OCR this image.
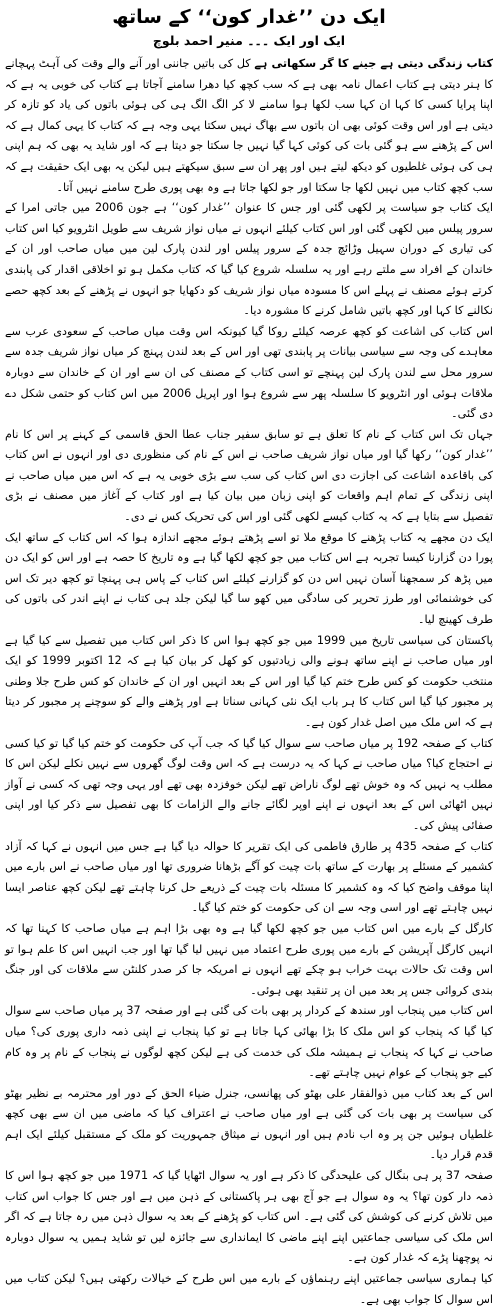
ایک دن ’’غدار کون‘‘ کے ساتھ
ایک اور ایک ۔۔۔ منیر احمد بلوچ

کتاب زندگی دیتی ہے جینے کا گر سکھاتی ہے کل کی باتیں جاننی اور آنے والے وقت کی آہٹ پہچانے کا ہنر دیتی ہے کتاب اعمال نامہ بھی ہے کہ سب کچھ کیا دھرا سامنے آجاتا ہے کتاب کی خوبی یہ ہے کہ اپنا پرایا کسی کا کہا ان کہا سب لکھا ہوا سامنے لا کر الگ الگ ہی کی ہوئی باتوں کی یاد کو تازہ کر دیتی ہے اور اس وقت کوئی بھی ان باتوں سے بھاگ نہیں سکتا یہی وجہ ہے کہ کتاب کا یہی کمال ہے کہ اس کے پڑھنے سے ہو گئی بات کی کوئی کہا گیا نہیں جا سکتا جو دیتا ہے کہ اور شاید یہ بھی کہ ہم اپنی ہی کی ہوئی غلطیوں کو دیکھ لیتے ہیں اور پھر ان سے سبق سیکھتے ہیں لیکن یہ بھی ایک حقیقت ہے کہ سب کچھ کتاب میں نہیں لکھا جا سکتا اور جو لکھا جاتا ہے وہ بھی پوری طرح سامنے نہیں آتا۔

ایک کتاب جو سیاست پر لکھی گئی اور جس کا عنوان ’’غدار کون‘‘ ہے جون 2006 میں جاتی امرا کے سرور پیلس میں لکھی گئی اور اس کتاب کیلئے انہوں نے میاں نواز شریف سے طویل انٹرویو کیا اس کتاب کی تیاری کے دوران سہیل وڑائچ جدہ کے سرور پیلس اور لندن پارک لین میں میاں صاحب اور ان کے خاندان کے افراد سے ملتے رہے اور یہ سلسلہ شروع کیا گیا کہ کتاب مکمل ہو تو اخلاقی اقدار کی پابندی کرتے ہوئے مصنف نے پہلے اس کا مسودہ میاں نواز شریف کو دکھایا جو انہوں نے پڑھنے کے بعد کچھ حصے نکالنے کا کہا اور کچھ باتیں شامل کرنے کا مشورہ دیا۔

اس کتاب کی اشاعت کو کچھ عرصہ کیلئے روکا گیا کیونکہ اس وقت میاں صاحب کے سعودی عرب سے معاہدے کی وجہ سے سیاسی بیانات پر پابندی تھی اور اس کے بعد لندن پہنچ کر میاں نواز شریف جدہ سے سرور محل سے لندن پارک لین پہنچے تو اسی کتاب کے مصنف کی ان سے اور ان کے خاندان سے دوبارہ ملاقات ہوئی اور انٹرویو کا سلسلہ پھر سے شروع ہوا اور اپریل 2006 میں اس کتاب کو حتمی شکل دے دی گئی۔

جہاں تک اس کتاب کے نام کا تعلق ہے تو سابق سفیر جناب عطا الحق قاسمی کے کہنے پر اس کا نام ’’غدار کون‘‘ رکھا گیا اور میاں نواز شریف صاحب نے اس کے نام کی منظوری دی اور انہوں نے اس کتاب کی باقاعدہ اشاعت کی اجازت دی اس کتاب کی سب سے بڑی خوبی یہ ہے کہ اس میں میاں صاحب نے اپنی زندگی کے تمام اہم واقعات کو اپنی زبان میں بیان کیا ہے اور کتاب کے آغاز میں مصنف نے بڑی تفصیل سے بتایا ہے کہ یہ کتاب کیسے لکھی گئی اور اس کی تحریک کس نے دی۔

ایک دن مجھے یہ کتاب پڑھنے کا موقع ملا تو اسے پڑھتے ہوئے مجھے اندازہ ہوا کہ اس کتاب کے ساتھ ایک پورا دن گزارنا کیسا تجربہ ہے اس کتاب میں جو کچھ لکھا گیا ہے وہ تاریخ کا حصہ ہے اور اس کو ایک دن میں پڑھ کر سمجھنا آسان نہیں اس دن کو گزارنے کیلئے اس کتاب کے پاس ہی پہنچا تو کچھ دیر تک اس کی خوشنمائی اور طرز تحریر کی سادگی میں کھو سا گیا لیکن جلد ہی کتاب نے اپنے اندر کی باتوں کی طرف کھینچ لیا۔

پاکستان کی سیاسی تاریخ میں 1999 میں جو کچھ ہوا اس کا ذکر اس کتاب میں تفصیل سے کیا گیا ہے اور میاں صاحب نے اپنے ساتھ ہونے والی زیادتیوں کو کھل کر بیان کیا ہے کہ 12 اکتوبر 1999 کو ایک منتخب حکومت کو کس طرح ختم کیا گیا اور اس کے بعد انہیں اور ان کے خاندان کو کس طرح جلا وطنی پر مجبور کیا گیا اس کتاب کا ہر باب ایک نئی کہانی سناتا ہے اور پڑھنے والے کو سوچنے پر مجبور کر دیتا ہے کہ اس ملک میں اصل غدار کون ہے۔

کتاب کے صفحہ 192 پر میاں صاحب سے سوال کیا گیا کہ جب آپ کی حکومت کو ختم کیا گیا تو کیا کسی نے احتجاج کیا؟ میاں صاحب نے کہا کہ یہ درست ہے کہ اس وقت لوگ گھروں سے نہیں نکلے لیکن اس کا مطلب یہ نہیں کہ وہ خوش تھے لوگ ناراض تھے لیکن خوفزدہ بھی تھے اور یہی وجہ تھی کہ کسی نے آواز نہیں اٹھائی اس کے بعد انہوں نے اپنے اوپر لگائے جانے والے الزامات کا بھی تفصیل سے ذکر کیا اور اپنی صفائی پیش کی۔

کتاب کے صفحہ 435 پر طارق فاطمی کی ایک تقریر کا حوالہ دیا گیا ہے جس میں انہوں نے کہا کہ آزاد کشمیر کے مسئلے پر بھارت کے ساتھ بات چیت کو آگے بڑھانا ضروری تھا اور میاں صاحب نے اس بارے میں اپنا موقف واضح کیا کہ وہ کشمیر کا مسئلہ بات چیت کے ذریعے حل کرنا چاہتے تھے لیکن کچھ عناصر ایسا نہیں چاہتے تھے اور اسی وجہ سے ان کی حکومت کو ختم کیا گیا۔

کارگل کے بارے میں اس کتاب میں جو کچھ لکھا گیا ہے وہ بھی بڑا اہم ہے میاں صاحب کا کہنا تھا کہ انہیں کارگل آپریشن کے بارے میں پوری طرح اعتماد میں نہیں لیا گیا تھا اور جب انہیں اس کا علم ہوا تو اس وقت تک حالات بہت خراب ہو چکے تھے انہوں نے امریکہ جا کر صدر کلنٹن سے ملاقات کی اور جنگ بندی کروائی جس پر بعد میں ان پر تنقید بھی ہوئی۔

اس کتاب میں پنجاب اور سندھ کے کردار پر بھی بات کی گئی ہے اور صفحہ 37 پر میاں صاحب سے سوال کیا گیا کہ پنجاب کو اس ملک کا بڑا بھائی کہا جاتا ہے تو کیا پنجاب نے اپنی ذمہ داری پوری کی؟ میاں صاحب نے کہا کہ پنجاب نے ہمیشہ ملک کی خدمت کی ہے لیکن کچھ لوگوں نے پنجاب کے نام پر وہ کام کیے جو پنجاب کے عوام نہیں چاہتے تھے۔

اس کے بعد کتاب میں ذوالفقار علی بھٹو کی پھانسی، جنرل ضیاء الحق کے دور اور محترمہ بے نظیر بھٹو کی سیاست پر بھی بات کی گئی ہے اور میاں صاحب نے اعتراف کیا کہ ماضی میں ان سے بھی کچھ غلطیاں ہوئیں جن پر وہ اب نادم ہیں اور انہوں نے میثاق جمہوریت کو ملک کے مستقبل کیلئے ایک اہم قدم قرار دیا۔

صفحہ 37 پر ہی بنگال کی علیحدگی کا ذکر ہے اور یہ سوال اٹھایا گیا کہ 1971 میں جو کچھ ہوا اس کا ذمہ دار کون تھا؟ یہ وہ سوال ہے جو آج بھی ہر پاکستانی کے ذہن میں ہے اور جس کا جواب اس کتاب میں تلاش کرنے کی کوشش کی گئی ہے۔ اس کتاب کو پڑھنے کے بعد یہ سوال ذہن میں رہ جاتا ہے کہ اگر اس ملک کی سیاسی جماعتیں اپنے اپنے ماضی کا ایمانداری سے جائزہ لیں تو شاید ہمیں یہ سوال دوبارہ نہ پوچھنا پڑے کہ غدار کون ہے۔

کیا ہماری سیاسی جماعتیں اپنے رہنماؤں کے بارے میں اس طرح کے خیالات رکھتی ہیں؟ لیکن کتاب میں اس سوال کا جواب بھی ہے۔
